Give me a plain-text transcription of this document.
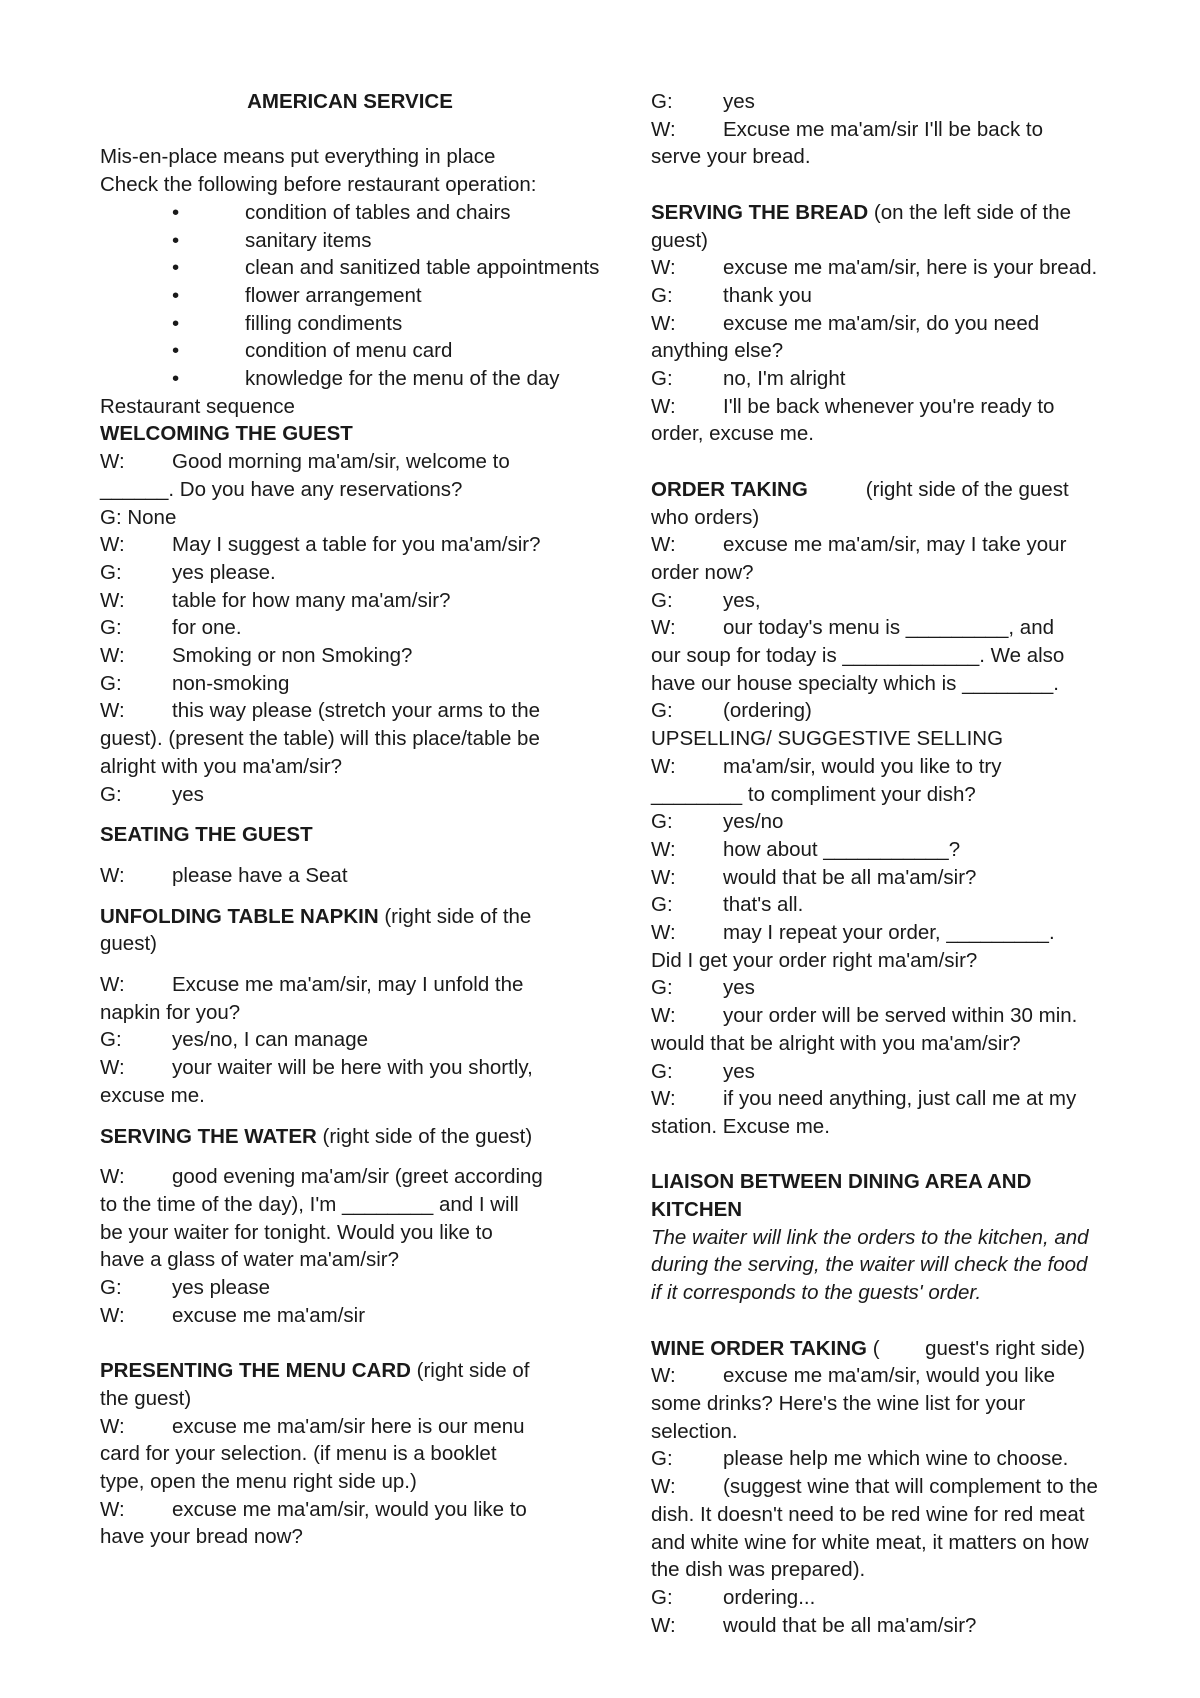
AMERICAN SERVICE
Mis-en-place means put everything in place
Check the following before restaurant operation:
•	condition of tables and chairs
•	sanitary items
•	clean and sanitized table appointments
•	flower arrangement
•	filling condiments
•	condition of menu card
•	knowledge for the menu of the day
Restaurant sequence
WELCOMING THE GUEST
W:	Good morning ma'am/sir, welcome to
______. Do you have any reservations?
G: None
W:	May I suggest a table for you ma'am/sir?
G:	yes please.
W:	table for how many ma'am/sir?
G:	for one.
W:	Smoking or non Smoking?
G:	non-smoking
W:	this way please (stretch your arms to the
guest). (present the table) will this place/table be
alright with you ma'am/sir?
G:	yes
SEATING THE GUEST
W:	please have a Seat
UNFOLDING TABLE NAPKIN (right side of the
guest)
W:	Excuse me ma'am/sir, may I unfold the
napkin for you?
G:	yes/no, I can manage
W:	your waiter will be here with you shortly,
excuse me.
SERVING THE WATER (right side of the guest)
W:	good evening ma'am/sir (greet according
to the time of the day), I'm ________ and I will
be your waiter for tonight. Would you like to
have a glass of water ma'am/sir?
G:	yes please
W:	excuse me ma'am/sir
PRESENTING THE MENU CARD (right side of
the guest)
W:	excuse me ma'am/sir here is our menu
card for your selection. (if menu is a booklet
type, open the menu right side up.)
W:	excuse me ma'am/sir, would you like to
have your bread now?
G:	yes
W:	Excuse me ma'am/sir I'll be back to
serve your bread.
SERVING THE BREAD (on the left side of the
guest)
W:	excuse me ma'am/sir, here is your bread.
G:	thank you
W:	excuse me ma'am/sir, do you need
anything else?
G:	no, I'm alright
W:	I'll be back whenever you're ready to
order, excuse me.
ORDER TAKING	(right side of the guest
who orders)
W:	excuse me ma'am/sir, may I take your
order now?
G:	yes,
W:	our today's menu is _________, and
our soup for today is ____________. We also
have our house specialty which is ________.
G:	(ordering)
UPSELLING/ SUGGESTIVE SELLING
W:	ma'am/sir, would you like to try
________ to compliment your dish?
G:	yes/no
W:	how about ___________?
W:	would that be all ma'am/sir?
G:	that's all.
W:	may I repeat your order, _________.
Did I get your order right ma'am/sir?
G:	yes
W:	your order will be served within 30 min.
would that be alright with you ma'am/sir?
G:	yes
W:	if you need anything, just call me at my
station. Excuse me.
LIAISON BETWEEN DINING AREA AND
KITCHEN
The waiter will link the orders to the kitchen, and
during the serving, the waiter will check the food
if it corresponds to the guests' order.
WINE ORDER TAKING (        guest's right side)
W:	excuse me ma'am/sir, would you like
some drinks? Here's the wine list for your
selection.
G:	please help me which wine to choose.
W:	(suggest wine that will complement to the
dish. It doesn't need to be red wine for red meat
and white wine for white meat, it matters on how
the dish was prepared).
G:	ordering...
W:	would that be all ma'am/sir?
